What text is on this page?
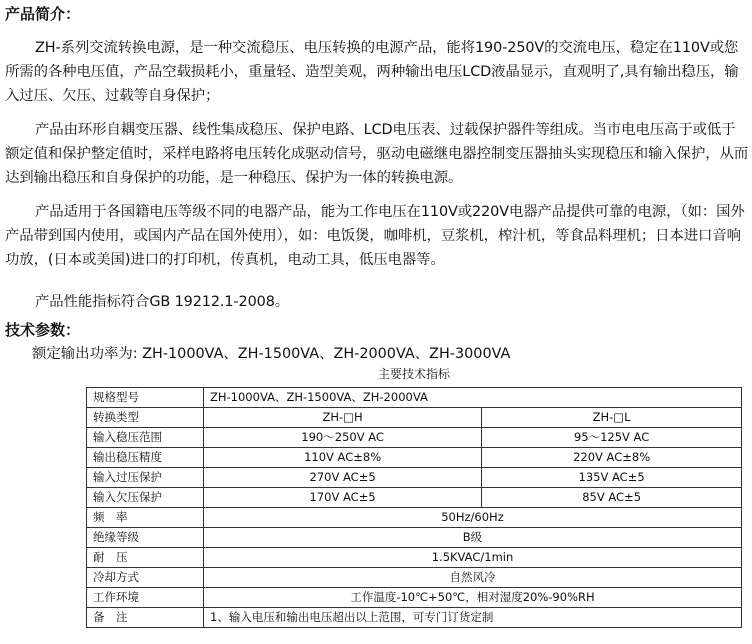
产品简介：

ZH-系列交流转换电源，是一种交流稳压、电压转换的电源产品，能将190-250V的交流电压，稳定在110V或您所需的各种电压值，产品空载损耗小，重量轻、造型美观，两种输出电压LCD液晶显示，直观明了,具有输出稳压，输入过压、欠压、过载等自身保护；

产品由环形自耦变压器、线性集成稳压、保护电路、LCD电压表、过载保护器件等组成。当市电电压高于或低于额定值和保护整定值时，采样电路将电压转化成驱动信号，驱动电磁继电器控制变压器抽头实现稳压和输入保护，从而达到输出稳压和自身保护的功能，是一种稳压、保护为一体的转换电源。

产品适用于各国籍电压等级不同的电器产品，能为工作电压在110V或220V电器产品提供可靠的电源，（如：国外产品带到国内使用，或国内产品在国外使用），如：电饭煲，咖啡机，豆浆机，榨汁机，等食品料理机；日本进口音响功放，(日本或美国)进口的打印机，传真机，电动工具，低压电器等。

产品性能指标符合GB 19212.1-2008。

技术参数：

额定输出功率为: ZH-1000VA、ZH-1500VA、ZH-2000VA、ZH-3000VA

主要技术指标

规格型号	ZH-1000VA、ZH-1500VA、ZH-2000VA	
转换类型	ZH-□H	ZH-□L
输入稳压范围	190～250V AC	95～125V AC
输出稳压精度	110V AC±8%	220V AC±8%
输入过压保护	270V AC±5	135V AC±5
输入欠压保护	170V AC±5	85V AC±5
频　率	50Hz/60Hz	
绝缘等级	B级	
耐　压	1.5KVAC/1min	
冷却方式	自然风冷	
工作环境	工作温度-10℃+50℃，相对湿度20%-90%RH	
备　注	1、输入电压和输出电压超出以上范围，可专门订货定制	
